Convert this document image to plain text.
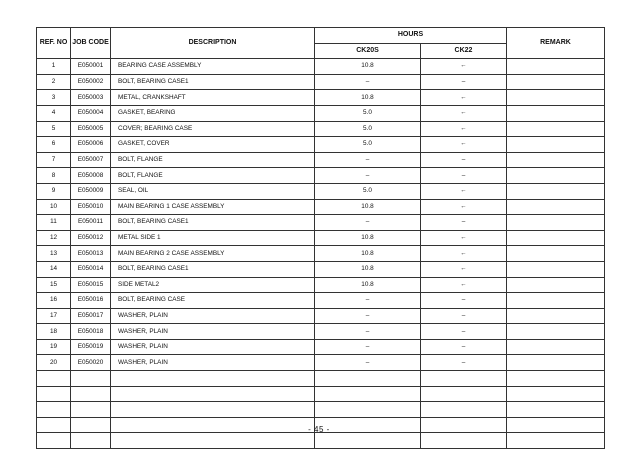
REF. NO	JOB CODE	DESCRIPTION	HOURS		REMARK
			CK20S	CK22	
1	E050001	BEARING CASE ASSEMBLY	10.8	←	
2	E050002	BOLT, BEARING CASE1	–	–	
3	E050003	METAL, CRANKSHAFT	10.8	←	
4	E050004	GASKET, BEARING	5.0	←	
5	E050005	COVER; BEARING CASE	5.0	←	
6	E050006	GASKET, COVER	5.0	←	
7	E050007	BOLT, FLANGE	–	–	
8	E050008	BOLT, FLANGE	–	–	
9	E050009	SEAL, OIL	5.0	←	
10	E050010	MAIN BEARING 1 CASE ASSEMBLY	10.8	←	
11	E050011	BOLT, BEARING CASE1	–	–	
12	E050012	METAL SIDE 1	10.8	←	
13	E050013	MAIN BEARING 2 CASE ASSEMBLY	10.8	←	
14	E050014	BOLT, BEARING CASE1	10.8	←	
15	E050015	SIDE METAL2	10.8	←	
16	E050016	BOLT, BEARING CASE	–	–	
17	E050017	WASHER, PLAIN	–	–	
18	E050018	WASHER, PLAIN	–	–	
19	E050019	WASHER, PLAIN	–	–	
20	E050020	WASHER, PLAIN	–	–	

- 45 -
